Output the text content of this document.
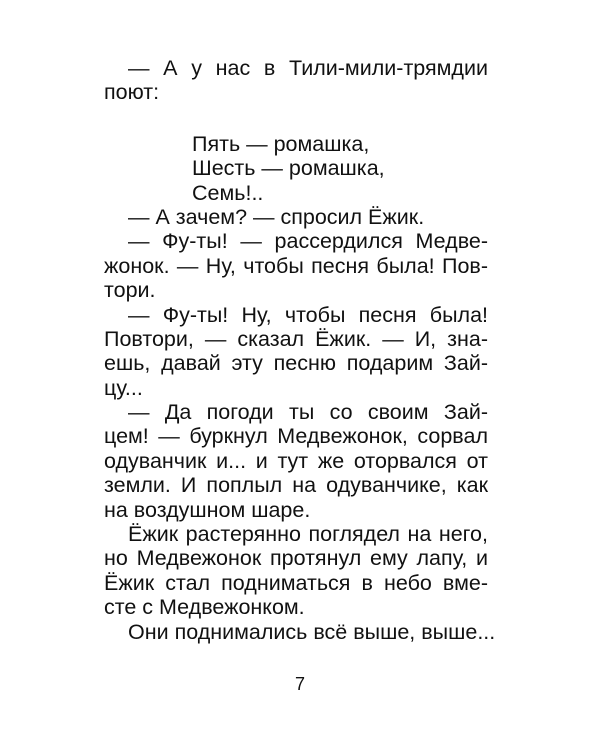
— А у нас в Тили-мили-трямдии
поют:
Пять — ромашка,
Шесть — ромашка,
Семь!..
— А зачем? — спросил Ёжик.
— Фу-ты! — рассердился Медве-
жонок. — Ну, чтобы песня была! Пов-
тори.
— Фу-ты! Ну, чтобы песня была!
Повтори, — сказал Ёжик. — И, зна-
ешь, давай эту песню подарим Зай-
цу...
— Да погоди ты со своим Зай-
цем! — буркнул Медвежонок, сорвал
одуванчик и... и тут же оторвался от
земли. И поплыл на одуванчике, как
на воздушном шаре.
Ёжик растерянно поглядел на него,
но Медвежонок протянул ему лапу, и
Ёжик стал подниматься в небо вме-
сте с Медвежонком.
Они поднимались всё выше, выше...
7
